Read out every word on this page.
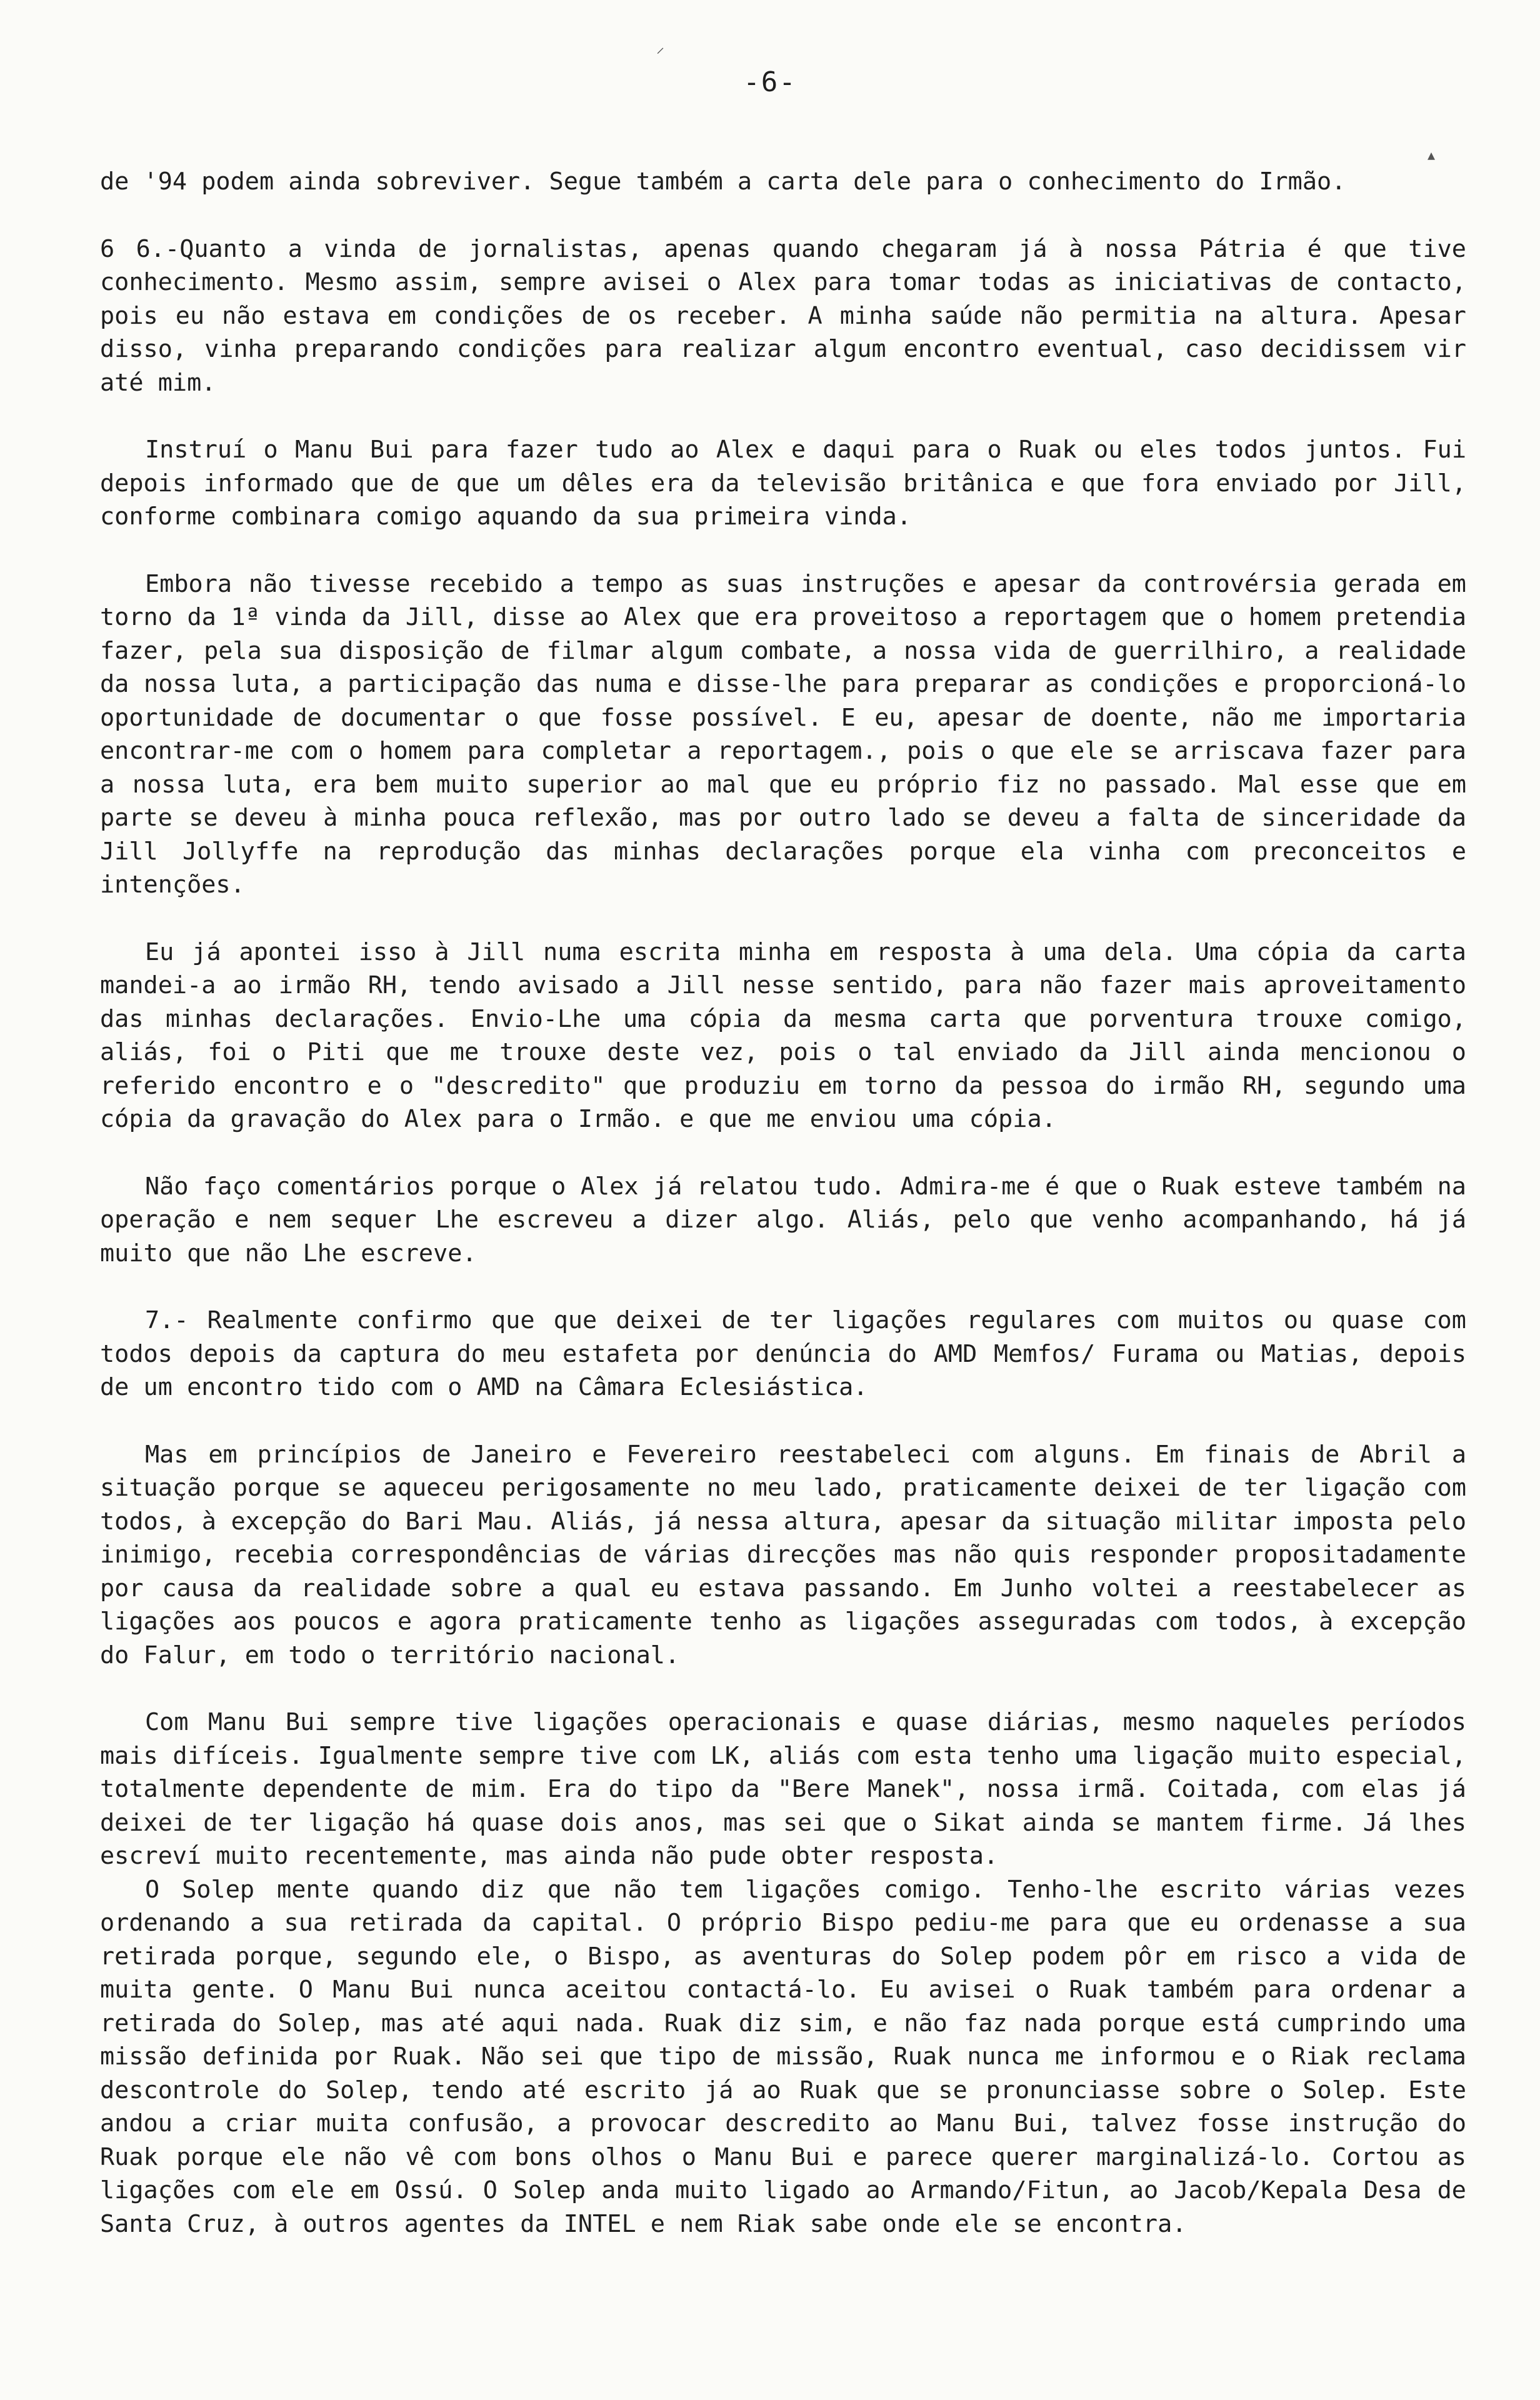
⸝
-6-
▲

de '94 podem ainda sobreviver. Segue também a carta dele para o conhecimento do Irmão.

6 6.-Quanto a vinda de jornalistas, apenas quando chegaram já à nossa Pátria é que tive conhecimento. Mesmo assim, sempre avisei o Alex para tomar todas as iniciativas de contacto, pois eu não estava em condições de os receber. A minha saúde não permitia na altura. Apesar disso, vinha preparando condições para realizar algum encontro eventual, caso decidissem vir até mim.

Instruí o Manu Bui para fazer tudo ao Alex e daqui para o Ruak ou eles todos juntos. Fui depois informado que de que um dêles era da televisão britânica e que fora enviado por Jill, conforme combinara comigo aquando da sua primeira vinda.

Embora não tivesse recebido a tempo as suas instruções e apesar da controvérsia gerada em torno da 1ª vinda da Jill, disse ao Alex que era proveitoso a reportagem que o homem pretendia fazer, pela sua disposição de filmar algum combate, a nossa vida de guerrilhiro, a realidade da nossa luta, a participação das numa e disse-lhe para preparar as condições e proporcioná-lo oportunidade de documentar o que fosse possível. E eu, apesar de doente, não me importaria encontrar-me com o homem para completar a reportagem., pois o que ele se arriscava fazer para a nossa luta, era bem muito superior ao mal que eu próprio fiz no passado. Mal esse que em parte se deveu à minha pouca reflexão, mas por outro lado se deveu a falta de sinceridade da Jill Jollyffe na reprodução das minhas declarações porque ela vinha com preconceitos e intenções.

Eu já apontei isso à Jill numa escrita minha em resposta à uma dela. Uma cópia da carta mandei-a ao irmão RH, tendo avisado a Jill nesse sentido, para não fazer mais aproveitamento das minhas declarações. Envio-Lhe uma cópia da mesma carta que porventura trouxe comigo, aliás, foi o Piti que me trouxe deste vez, pois o tal enviado da Jill ainda mencionou o referido encontro e o "descredito" que produziu em torno da pessoa do irmão RH, segundo uma cópia da gravação do Alex para o Irmão. e que me enviou uma cópia.

Não faço comentários porque o Alex já relatou tudo. Admira-me é que o Ruak esteve também na operação e nem sequer Lhe escreveu a dizer algo. Aliás, pelo que venho acompanhando, há já muito que não Lhe escreve.

7.- Realmente confirmo que que deixei de ter ligações regulares com muitos ou quase com todos depois da captura do meu estafeta por denúncia do AMD Memfos/ Furama ou Matias, depois de um encontro tido com o AMD na Câmara Eclesiástica.

Mas em princípios de Janeiro e Fevereiro reestabeleci com alguns. Em finais de Abril a situação porque se aqueceu perigosamente no meu lado, praticamente deixei de ter ligação com todos, à excepção do Bari Mau. Aliás, já nessa altura, apesar da situação militar imposta pelo inimigo, recebia correspondências de várias direcções mas não quis responder propositadamente por causa da realidade sobre a qual eu estava passando. Em Junho voltei a reestabelecer as ligações aos poucos e agora praticamente tenho as ligações asseguradas com todos, à excepção do Falur, em todo o território nacional.

Com Manu Bui sempre tive ligações operacionais e quase diárias, mesmo naqueles períodos mais difíceis. Igualmente sempre tive com LK, aliás com esta tenho uma ligação muito especial, totalmente dependente de mim. Era do tipo da "Bere Manek", nossa irmã. Coitada, com elas já deixei de ter ligação há quase dois anos, mas sei que o Sikat ainda se mantem firme. Já lhes escreví muito recentemente, mas ainda não pude obter resposta.

O Solep mente quando diz que não tem ligações comigo. Tenho-lhe escrito várias vezes ordenando a sua retirada da capital. O próprio Bispo pediu-me para que eu ordenasse a sua retirada porque, segundo ele, o Bispo, as aventuras do Solep podem pôr em risco a vida de muita gente. O Manu Bui nunca aceitou contactá-lo. Eu avisei o Ruak também para ordenar a retirada do Solep, mas até aqui nada. Ruak diz sim, e não faz nada porque está cumprindo uma missão definida por Ruak. Não sei que tipo de missão, Ruak nunca me informou e o Riak reclama descontrole do Solep, tendo até escrito já ao Ruak que se pronunciasse sobre o Solep. Este andou a criar muita confusão, a provocar descredito ao Manu Bui, talvez fosse instrução do Ruak porque ele não vê com bons olhos o Manu Bui e parece querer marginalizá-lo. Cortou as ligações com ele em Ossú. O Solep anda muito ligado ao Armando/Fitun, ao Jacob/Kepala Desa de Santa Cruz, à outros agentes da INTEL e nem Riak sabe onde ele se encontra.
